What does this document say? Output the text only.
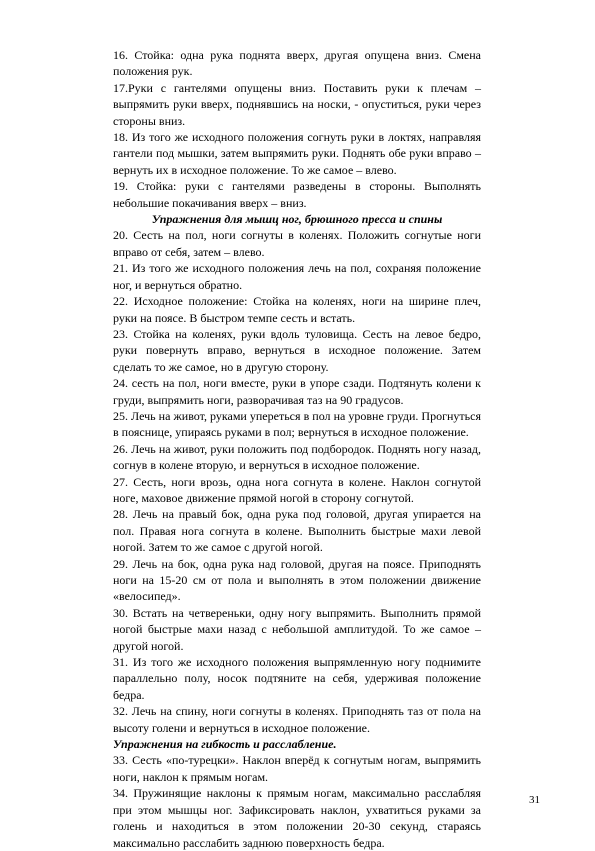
16. Стойка: одна рука поднята вверх, другая опущена вниз. Смена положения рук.

17.Руки с гантелями опущены вниз. Поставить руки к плечам – выпрямить руки вверх, поднявшись на носки, - опуститься, руки через стороны вниз.

18. Из того же исходного положения согнуть руки в локтях, направляя гантели под мышки, затем выпрямить руки. Поднять обе руки вправо – вернуть их в исходное положение. То же самое – влево.

19. Стойка: руки с гантелями разведены в стороны. Выполнять небольшие покачивания вверх – вниз.

Упражнения для мышц ног, брюшного пресса и спины

20. Сесть на пол, ноги согнуты в коленях. Положить согнутые ноги вправо от себя, затем – влево.

21. Из того же исходного положения лечь на пол, сохраняя положение ног, и вернуться обратно.

22. Исходное положение: Стойка на коленях, ноги на ширине плеч, руки на поясе. В быстром темпе сесть и встать.

23. Стойка на коленях, руки вдоль туловища. Сесть на левое бедро, руки повернуть вправо, вернуться в исходное положение. Затем сделать то же самое, но в другую сторону.

24. сесть на пол, ноги вместе, руки в упоре сзади. Подтянуть колени к груди, выпрямить ноги, разворачивая таз на 90 градусов.

25. Лечь на живот, руками упереться в пол на уровне груди. Прогнуться в пояснице, упираясь руками в пол; вернуться в исходное положение.

26. Лечь на живот, руки положить под подбородок. Поднять ногу назад, согнув в колене вторую, и вернуться в исходное положение.

27. Сесть, ноги врозь, одна нога согнута в колене. Наклон согнутой ноге, маховое движение прямой ногой в сторону согнутой.

28. Лечь на правый бок, одна рука под головой, другая упирается на пол. Правая нога согнута в колене. Выполнить быстрые махи левой ногой. Затем то же самое с другой ногой.

29. Лечь на бок, одна рука над головой, другая на поясе. Приподнять ноги на 15-20 см от пола и выполнять в этом положении движение «велосипед».

30. Встать на четвереньки, одну ногу выпрямить. Выполнить прямой ногой быстрые махи назад с небольшой амплитудой. То же самое – другой ногой.

31. Из того же исходного положения выпрямленную ногу поднимите параллельно полу, носок подтяните на себя, удерживая положение бедра.

32. Лечь на спину, ноги согнуты в коленях. Приподнять таз от пола на высоту голени и вернуться в исходное положение.

Упражнения на гибкость и расслабление.

33. Сесть «по-турецки». Наклон вперёд к согнутым ногам, выпрямить ноги, наклон к прямым ногам.

34. Пружинящие наклоны к прямым ногам, максимально расслабляя при этом мышцы ног. Зафиксировать наклон, ухватиться руками за голень и находиться в этом положении 20-30 секунд, стараясь максимально расслабить заднюю поверхность бедра.

31
